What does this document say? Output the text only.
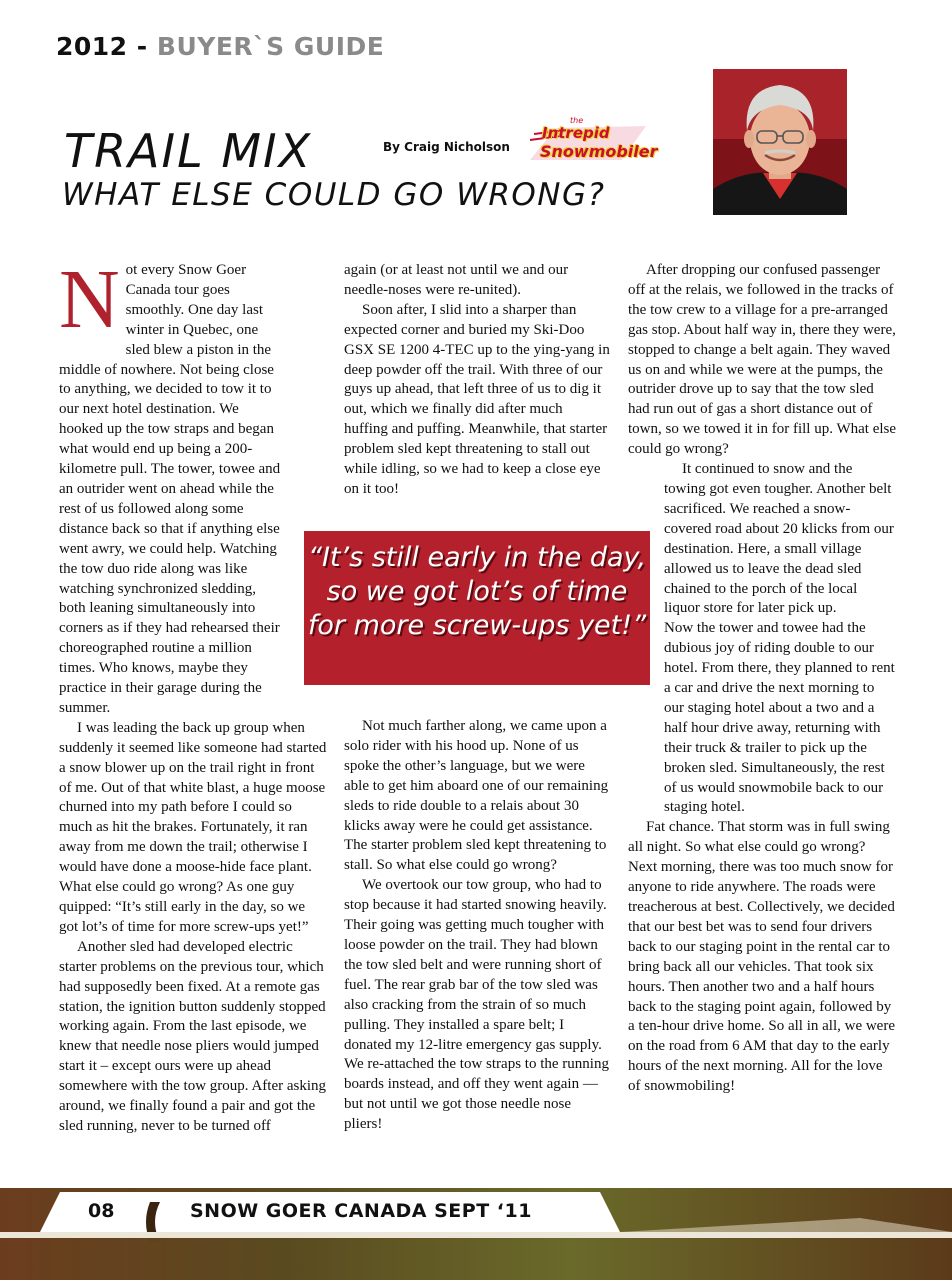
2012 - BUYER`S GUIDE
TRAIL MIX
WHAT ELSE COULD GO WRONG?
By Craig Nicholson
the
Intrepid
Snowmobiler
N ot every Snow Goer Canada tour goes smoothly. One day last winter in Quebec, one sled blew a piston in the middle of nowhere. Not being close to anything, we decided to tow it to our next hotel destination. We hooked up the tow straps and began what would end up being a 200-kilometre pull. The tower, towee and an outrider went on ahead while the rest of us followed along some distance back so that if anything else went awry, we could help. Watching the tow duo ride along was like watching synchronized sledding, both leaning simultaneously into corners as if they had rehearsed their choreographed routine a million times. Who knows, maybe they practice in their garage during the summer.

I was leading the back up group when suddenly it seemed like someone had started a snow blower up on the trail right in front of me. Out of that white blast, a huge moose churned into my path before I could so much as hit the brakes. Fortunately, it ran away from me down the trail; otherwise I would have done a moose-hide face plant. What else could go wrong? As one guy quipped: “It’s still early in the day, so we got lot’s of time for more screw-ups yet!”

Another sled had developed electric starter problems on the previous tour, which had supposedly been fixed. At a remote gas station, the ignition button suddenly stopped working again. From the last episode, we knew that needle nose pliers would jumped start it – except ours were up ahead somewhere with the tow group. After asking around, we finally found a pair and got the sled running, never to be turned off

again (or at least not until we and our needle-noses were re-united).

Soon after, I slid into a sharper than expected corner and buried my Ski-Doo GSX SE 1200 4-TEC up to the ying-yang in deep powder off the trail. With three of our guys up ahead, that left three of us to dig it out, which we finally did after much huffing and puffing. Meanwhile, that starter problem sled kept threatening to stall out while idling, so we had to keep a close eye on it too!

Not much farther along, we came upon a solo rider with his hood up. None of us spoke the other’s language, but we were able to get him aboard one of our remaining sleds to ride double to a relais about 30 klicks away were he could get assistance. The starter problem sled kept threatening to stall. So what else could go wrong?

We overtook our tow group, who had to stop because it had started snowing heavily. Their going was getting much tougher with loose powder on the trail. They had blown the tow sled belt and were running short of fuel. The rear grab bar of the tow sled was also cracking from the strain of so much pulling. They installed a spare belt; I donated my 12-litre emergency gas supply. We re-attached the tow straps to the running boards instead, and off they went again — but not until we got those needle nose pliers!

After dropping our confused passenger off at the relais, we followed in the tracks of the tow crew to a village for a pre-arranged gas stop. About half way in, there they were, stopped to change a belt again. They waved us on and while we were at the pumps, the outrider drove up to say that the tow sled had run out of gas a short distance out of town, so we towed it in for fill up. What else could go wrong?

It continued to snow and the towing got even tougher. Another belt sacrificed. We reached a snow-covered road about 20 klicks from our destination. Here, a small village allowed us to leave the dead sled chained to the porch of the local liquor store for later pick up.

Now the tower and towee had the dubious joy of riding double to our hotel. From there, they planned to rent a car and drive the next morning to our staging hotel about a two and a half hour drive away, returning with their truck & trailer to pick up the broken sled. Simultaneously, the rest of us would snowmobile back to our staging hotel.

Fat chance. That storm was in full swing all night. So what else could go wrong? Next morning, there was too much snow for anyone to ride anywhere. The roads were treacherous at best. Collectively, we decided that our best bet was to send four drivers back to our staging point in the rental car to bring back all our vehicles. That took six hours. Then another two and a half hours back to the staging point again, followed by a ten-hour drive home. So all in all, we were on the road from 6 AM that day to the early hours of the next morning. All for the love of snowmobiling!

“It’s still early in the day, so we got lot’s of time for more screw-ups yet!”
08	SNOW GOER CANADA SEPT ‘11
